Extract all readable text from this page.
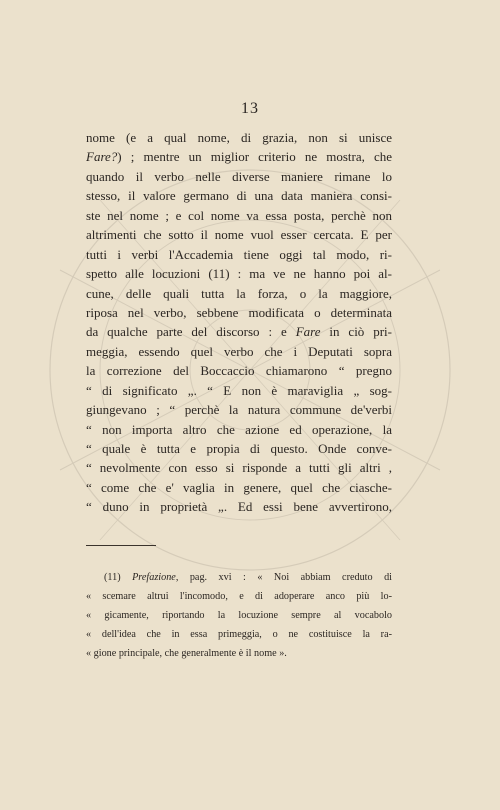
13
nome (e a qual nome, di grazia, non si unisce
Fare?) ; mentre un miglior criterio ne mostra, che
quando il verbo nelle diverse maniere rimane lo
stesso, il valore germano di una data maniera consi-
ste nel nome ; e col nome va essa posta, perchè non
altrimenti che sotto il nome vuol esser cercata. E per
tutti i verbi l'Accademia tiene oggi tal modo, ri-
spetto alle locuzioni (11) : ma ve ne hanno poi al-
cune, delle quali tutta la forza, o la maggiore,
riposa nel verbo, sebbene modificata o determinata
da qualche parte del discorso : e Fare in ciò pri-
meggia, essendo quel verbo che i Deputati sopra
la correzione del Boccaccio chiamarono “ pregno
“ di significato „. “ E non è maraviglia „ sog-
giungevano ; “ perchè la natura commune de'verbi
“ non importa altro che azione ed operazione, la
“ quale è tutta e propia di questo. Onde conve-
“ nevolmente con esso si risponde a tutti gli altri ,
“ come che e' vaglia in genere, quel che ciasche-
“ duno in proprietà „. Ed essi bene avvertirono,
(11) Prefazione, pag. xvi : « Noi abbiam creduto di
« scemare altrui l'incomodo, e di adoperare anco più lo-
« gicamente, riportando la locuzione sempre al vocabolo
« dell'idea che in essa primeggia, o ne costituisce la ra-
« gione principale, che generalmente è il nome ».
